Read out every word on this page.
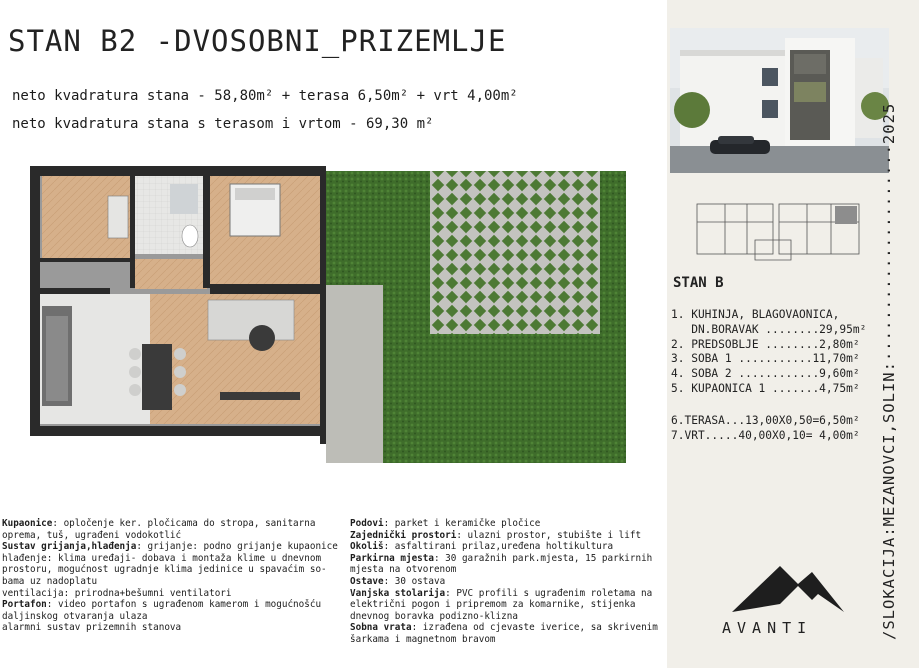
STAN B2 -DVOSOBNI_PRIZEMLJE
neto kvadratura stana - 58,80m² + terasa 6,50m² + vrt 4,00m²
neto kvadratura stana s terasom i vrtom - 69,30 m²
Kupaonice: opločenje ker. pločicama do stropa, sanitarna
oprema, tuš, ugrađeni vodokotlić
Sustav grijanja,hlađenja: grijanje: podno grijanje kupaonice
hlađenje: klima uređaji- dobava i montaža klime u dnevnom
prostoru, mogućnost ugradnje klima jedinice u spavaćim so-
bama uz nadoplatu
ventilacija: prirodna+bešumni ventilatori
Portafon: video portafon s ugrađenom kamerom i mogućnošću
daljinskog otvaranja ulaza
alarmni sustav prizemnih stanova
Podovi: parket i keramičke pločice
Zajednički prostori: ulazni prostor, stubište i lift
Okoliš: asfaltirani prilaz,uređena holtikultura
Parkirna mjesta: 30 garažnih park.mjesta, 15 parkirnih
mjesta na otvorenom
Ostave: 30 ostava
Vanjska stolarija: PVC profili s ugrađenim roletama na
električni pogon i pripremom za komarnike, stijenka
dnevnog boravka podizno-klizna
Sobna vrata: izrađena od cjevaste iverice, sa skrivenim
šarkama i magnetnom bravom	/SLOKACIJA:MEZANOVCI,SOLIN:·····················2025
STAN B
1. KUHINJA, BLAGOVAONICA,
DN.BORAVAK ........29,95m²
2. PREDSOBLJE ........2,80m²
3. SOBA 1 ...........11,70m²
4. SOBA 2 ............9,60m²
5. KUPAONICA 1 .......4,75m²
6.TERASA...13,00X0,50=6,50m²
7.VRT.....40,00X0,10= 4,00m²
AVANTI
